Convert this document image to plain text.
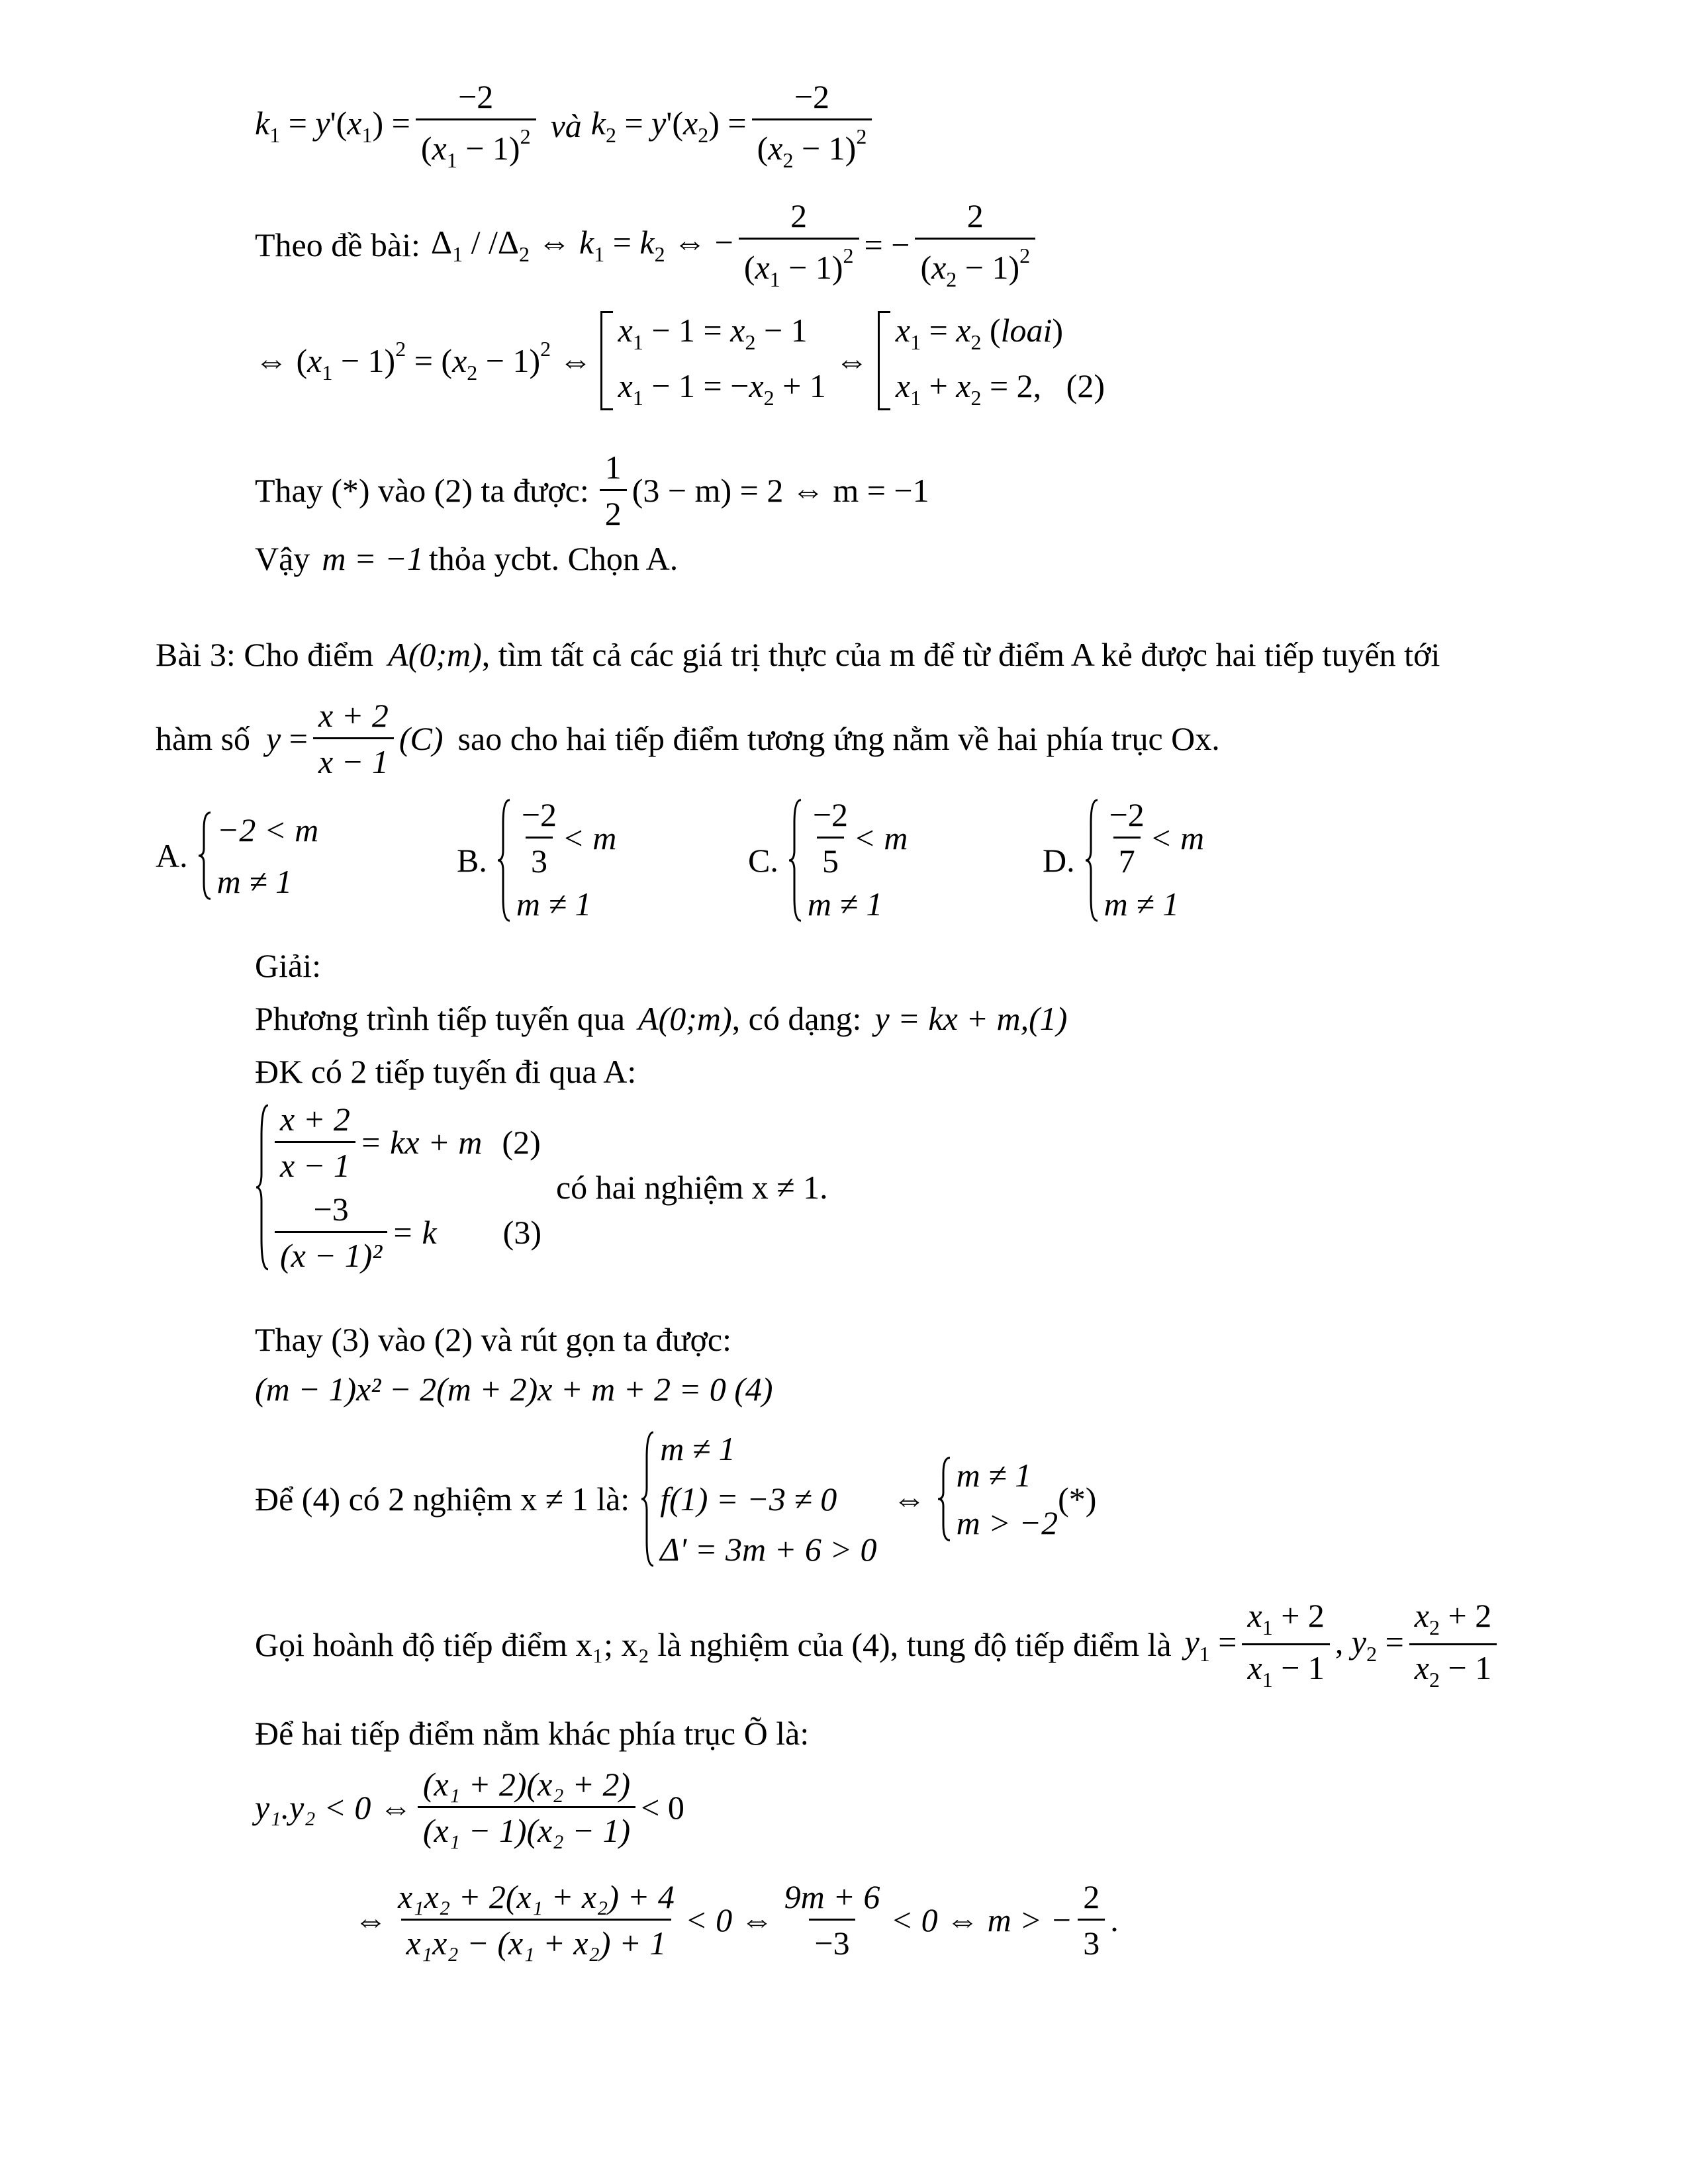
$k_1 = y'(x_1) = \frac{-2}{(x_1 - 1)^2}$ và $k_2 = y'(x_2) = \frac{-2}{(x_2 - 1)^2}$
Theo đề bài: $\Delta_1 / /\Delta_2$ ⇔ $k_1 = k_2$ ⇔ − $\frac{2}{(x_1 - 1)^2}$ = − $\frac{2}{(x_2 - 1)^2}$
⇔ $(x_1 - 1)^2 = (x_2 - 1)^2$ ⇔
$x_1 - 1 = x_2 - 1$
$x_1 - 1 = -x_2 + 1$
⇔
$x_1 = x_2$ (loai)
$x_1 + x_2 = 2$,   (2)
Thay (*) vào (2) ta được: $\frac{1}{2} (3 - m) = 2$ ⇔ m = −1
Vậy m = −1 thỏa ycbt. Chọn A.
Bài 3: Cho điểm A(0;m) , tìm tất cả các giá trị thực của m để từ điểm A kẻ được hai tiếp tuyến tới
hàm số $y = \frac{x + 2}{x - 1} (C)$ sao cho hai tiếp điểm tương ứng nằm về hai phía trục Ox.
A.
−2 < m
m ≠ 1
B. $\frac{-2}{3} < m$
m ≠ 1
C. $\frac{-2}{5} < m$
m ≠ 1
D. $\frac{-2}{7} < m$
m ≠ 1
Giải:
Phương trình tiếp tuyến qua A(0;m) , có dạng: y = kx + m,(1)
ĐK có 2 tiếp tuyến đi qua A:
$\frac{x + 2}{x - 1}$ = kx + m (2)
$\frac{-3}{\text{(x − 1)²}} = k$ (3)
có hai nghiệm x ≠ 1.
Thay (3) vào (2) và rút gọn ta được:
(m − 1)x² − 2(m + 2)x + m + 2 = 0 (4)
Để (4) có 2 nghiệm x ≠ 1 là:
m ≠ 1
f(1) = −3 ≠ 0
Δ' = 3m + 6 > 0
⇔
m ≠ 1
m > −2
(*)
Gọi hoành độ tiếp điểm x₁; x₂ là nghiệm của (4), tung độ tiếp điểm là $y_1 = \frac{x_1 + 2}{x_1 - 1}$ , $y_2 = \frac{x_2 + 2}{x_2 - 1}$
Để hai tiếp điểm nằm khác phía trục Õ là:
y₁.y₂ < 0 ⇔ $\frac{\text{(x₁ + 2)(x₂ + 2)}}{\text{(x₁ − 1)(x₂ − 1)}} < 0$
⇔ $\frac{\text{x₁x₂ + 2(x₁ + x₂) + 4}}{\text{x₁x₂ − (x₁ + x₂) + 1}} < 0$ ⇔ $\frac{9m + 6}{-3} < 0$ ⇔ m > − $\frac{2}{3}$ .
